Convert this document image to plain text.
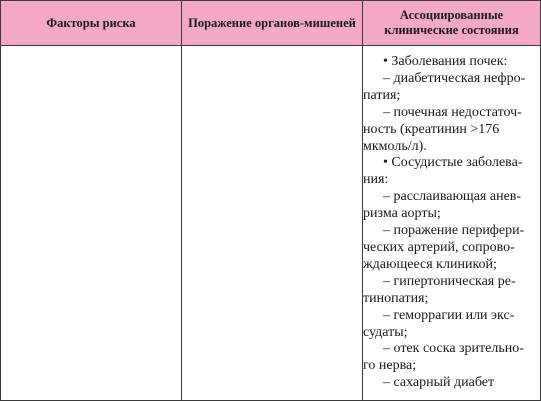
Факторы риска	Поражение органов-мишеней
Ассоциированные клинические состояния
• Заболевания почек:
– диабетическая нефро-
патия;
– почечная недостаточ-
ность (креатинин >176
мкмоль/л).
• Сосудистые заболева-
ния:
– расслаивающая анев-
ризма аорты;
– поражение перифери-
ческих артерий, сопрово-
ждающееся клиникой;
– гипертоническая ре-
тинопатия;
– геморрагии или экс-
судаты;
– отек соска зрительно-
го нерва;
– сахарный диабет
